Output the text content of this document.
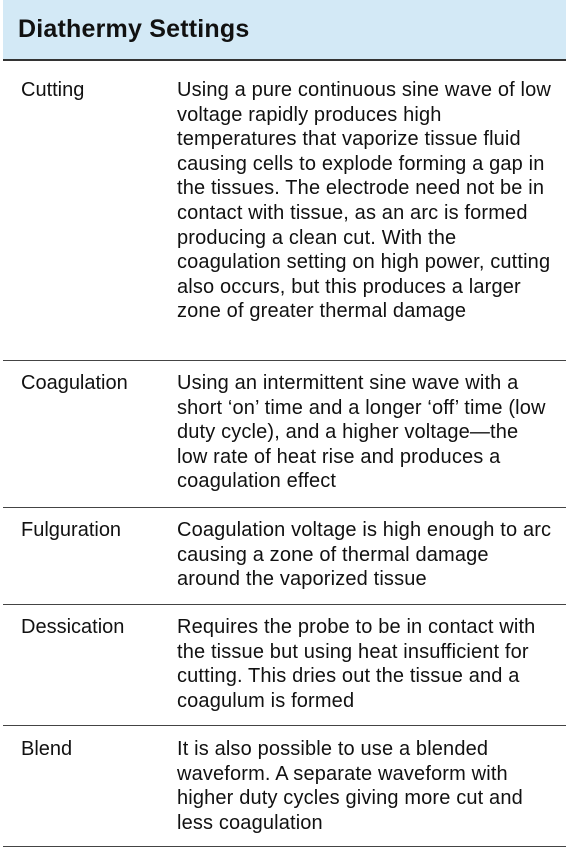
Diathermy Settings
Cutting	Using a pure continuous sine wave of low voltage rapidly produces high temperatures that vaporize tissue fluid causing cells to explode forming a gap in the tissues. The electrode need not be in contact with tissue, as an arc is formed producing a clean cut. With the coagulation setting on high power, cutting also occurs, but this produces a larger zone of greater thermal damage
Coagulation	Using an intermittent sine wave with a short ‘on’ time and a longer ‘off’ time (low duty cycle), and a higher voltage—the low rate of heat rise and produces a coagulation effect
Fulguration	Coagulation voltage is high enough to arc causing a zone of thermal damage around the vaporized tissue
Dessication	Requires the probe to be in contact with the tissue but using heat insufficient for cutting. This dries out the tissue and a coagulum is formed
Blend	It is also possible to use a blended waveform. A separate waveform with higher duty cycles giving more cut and less coagulation
